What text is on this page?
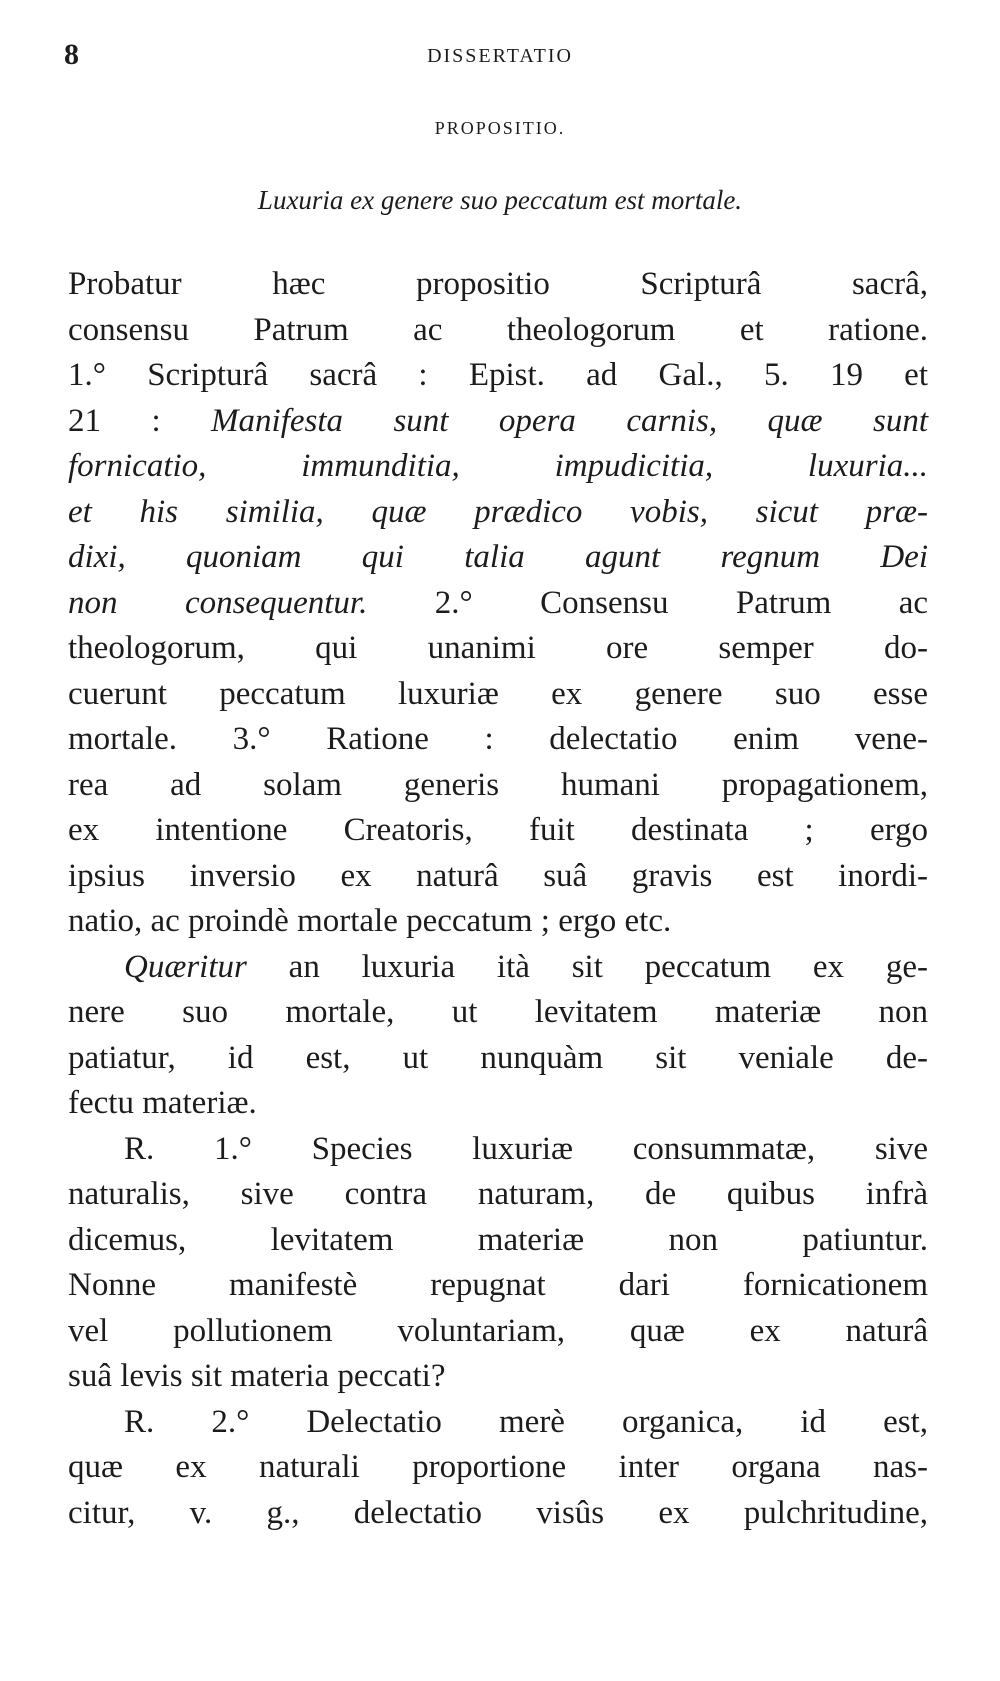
8	DISSERTATIO
PROPOSITIO.
Luxuria ex genere suo peccatum est mortale.
Probatur hæc propositio Scripturâ sacrâ,
consensu Patrum ac theologorum et ratione.
1.° Scripturâ sacrâ : Epist. ad Gal., 5. 19 et
21 : Manifesta sunt opera carnis, quæ sunt
fornicatio, immunditia, impudicitia, luxuria...
et his similia, quæ prædico vobis, sicut præ-
dixi, quoniam qui talia agunt regnum Dei
non consequentur. 2.° Consensu Patrum ac
theologorum, qui unanimi ore semper do-
cuerunt peccatum luxuriæ ex genere suo esse
mortale. 3.° Ratione : delectatio enim vene-
rea ad solam generis humani propagationem,
ex intentione Creatoris, fuit destinata ; ergo
ipsius inversio ex naturâ suâ gravis est inordi-
natio, ac proindè mortale peccatum ; ergo etc.
Quæritur an luxuria ità sit peccatum ex ge-
nere suo mortale, ut levitatem materiæ non
patiatur, id est, ut nunquàm sit veniale de-
fectu materiæ.
R. 1.° Species luxuriæ consummatæ, sive
naturalis, sive contra naturam, de quibus infrà
dicemus, levitatem materiæ non patiuntur.
Nonne manifestè repugnat dari fornicationem
vel pollutionem voluntariam, quæ ex naturâ
suâ levis sit materia peccati?
R. 2.° Delectatio merè organica, id est,
quæ ex naturali proportione inter organa nas-
citur, v. g., delectatio visûs ex pulchritudine,
